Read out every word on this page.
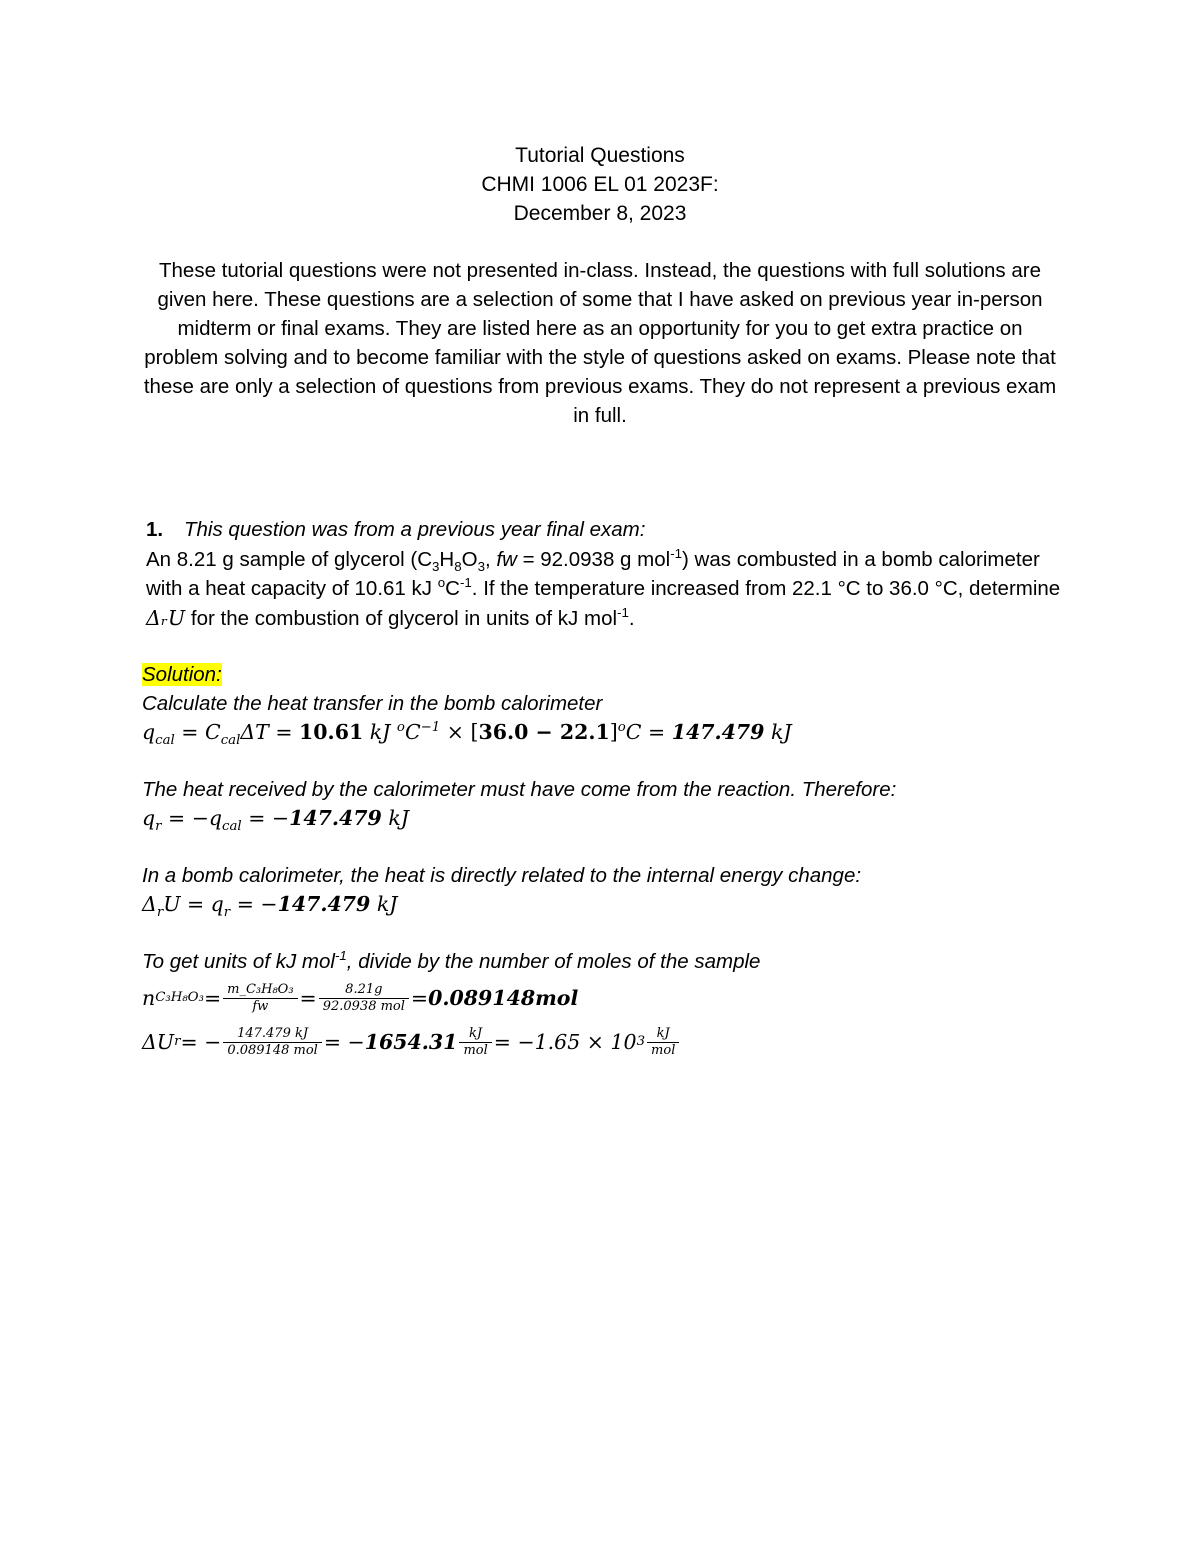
Tutorial Questions
CHMI 1006 EL 01 2023F:
December 8, 2023
These tutorial questions were not presented in-class. Instead, the questions with full solutions are given here. These questions are a selection of some that I have asked on previous year in-person midterm or final exams. They are listed here as an opportunity for you to get extra practice on problem solving and to become familiar with the style of questions asked on exams. Please note that these are only a selection of questions from previous exams. They do not represent a previous exam in full.
1. This question was from a previous year final exam:
An 8.21 g sample of glycerol ($C_3H_8O_3$, fw = 92.0938 g mol$^{-1}$) was combusted in a bomb calorimeter with a heat capacity of 10.61 kJ $^oC^{-1}$. If the temperature increased from 22.1 °C to 36.0 °C, determine ΔᵣU for the combustion of glycerol in units of kJ mol$^{-1}$.
Solution:
Calculate the heat transfer in the bomb calorimeter
$q_{cal} = C_{cal}\Delta T = 10.61$ kJ $^oC^{-1} \times [36.0 - 22.1]^oC = 147.479$ kJ
The heat received by the calorimeter must have come from the reaction. Therefore:
$q_r = -q_{cal} = -147.479$ kJ
In a bomb calorimeter, the heat is directly related to the internal energy change:
$\Delta_rU = q_r = -147.479$ kJ
To get units of kJ mol$^{-1}$, divide by the number of moles of the sample
n $C_3H_8O_3 = \frac{\text{m\_C₃H₈O₃}}{fw} = \frac{8.21g}{\text{92.0938 mol}} = 0.089148mol$
ΔU r = − $\frac{147.479 kJ}{\text{0.089148 mol}}$ = − $1654.31 \frac{kJ}{\text{mol}} = -1.65 \times 10$ $3 \frac{kJ}{\text{mol}}$
